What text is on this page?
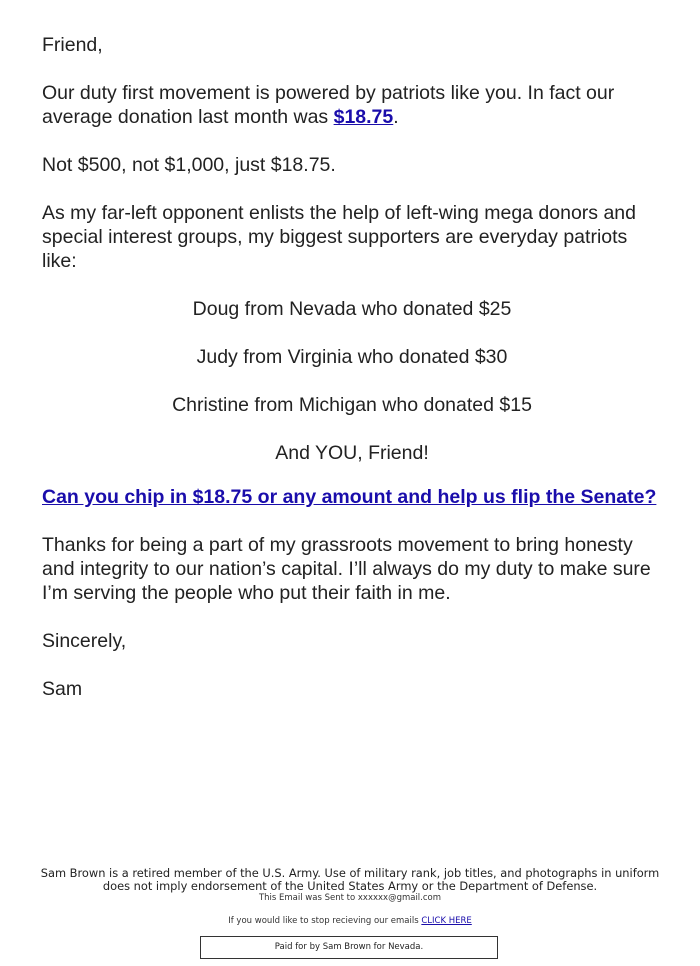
Friend,

Our duty first movement is powered by patriots like you. In fact our average donation last month was $18.75.

Not $500, not $1,000, just $18.75.

As my far-left opponent enlists the help of left-wing mega donors and special interest groups, my biggest supporters are everyday patriots like:

Doug from Nevada who donated $25

Judy from Virginia who donated $30

Christine from Michigan who donated $15

And YOU, Friend!

Can you chip in $18.75 or any amount and help us flip the Senate?

Thanks for being a part of my grassroots movement to bring honesty and integrity to our nation’s capital. I’ll always do my duty to make sure I’m serving the people who put their faith in me.

Sincerely,

Sam

Sam Brown is a retired member of the U.S. Army. Use of military rank, job titles, and photographs in uniform does not imply endorsement of the United States Army or the Department of Defense.

This Email was Sent to xxxxxx@gmail.com

If you would like to stop recieving our emails CLICK HERE

Paid for by Sam Brown for Nevada.
